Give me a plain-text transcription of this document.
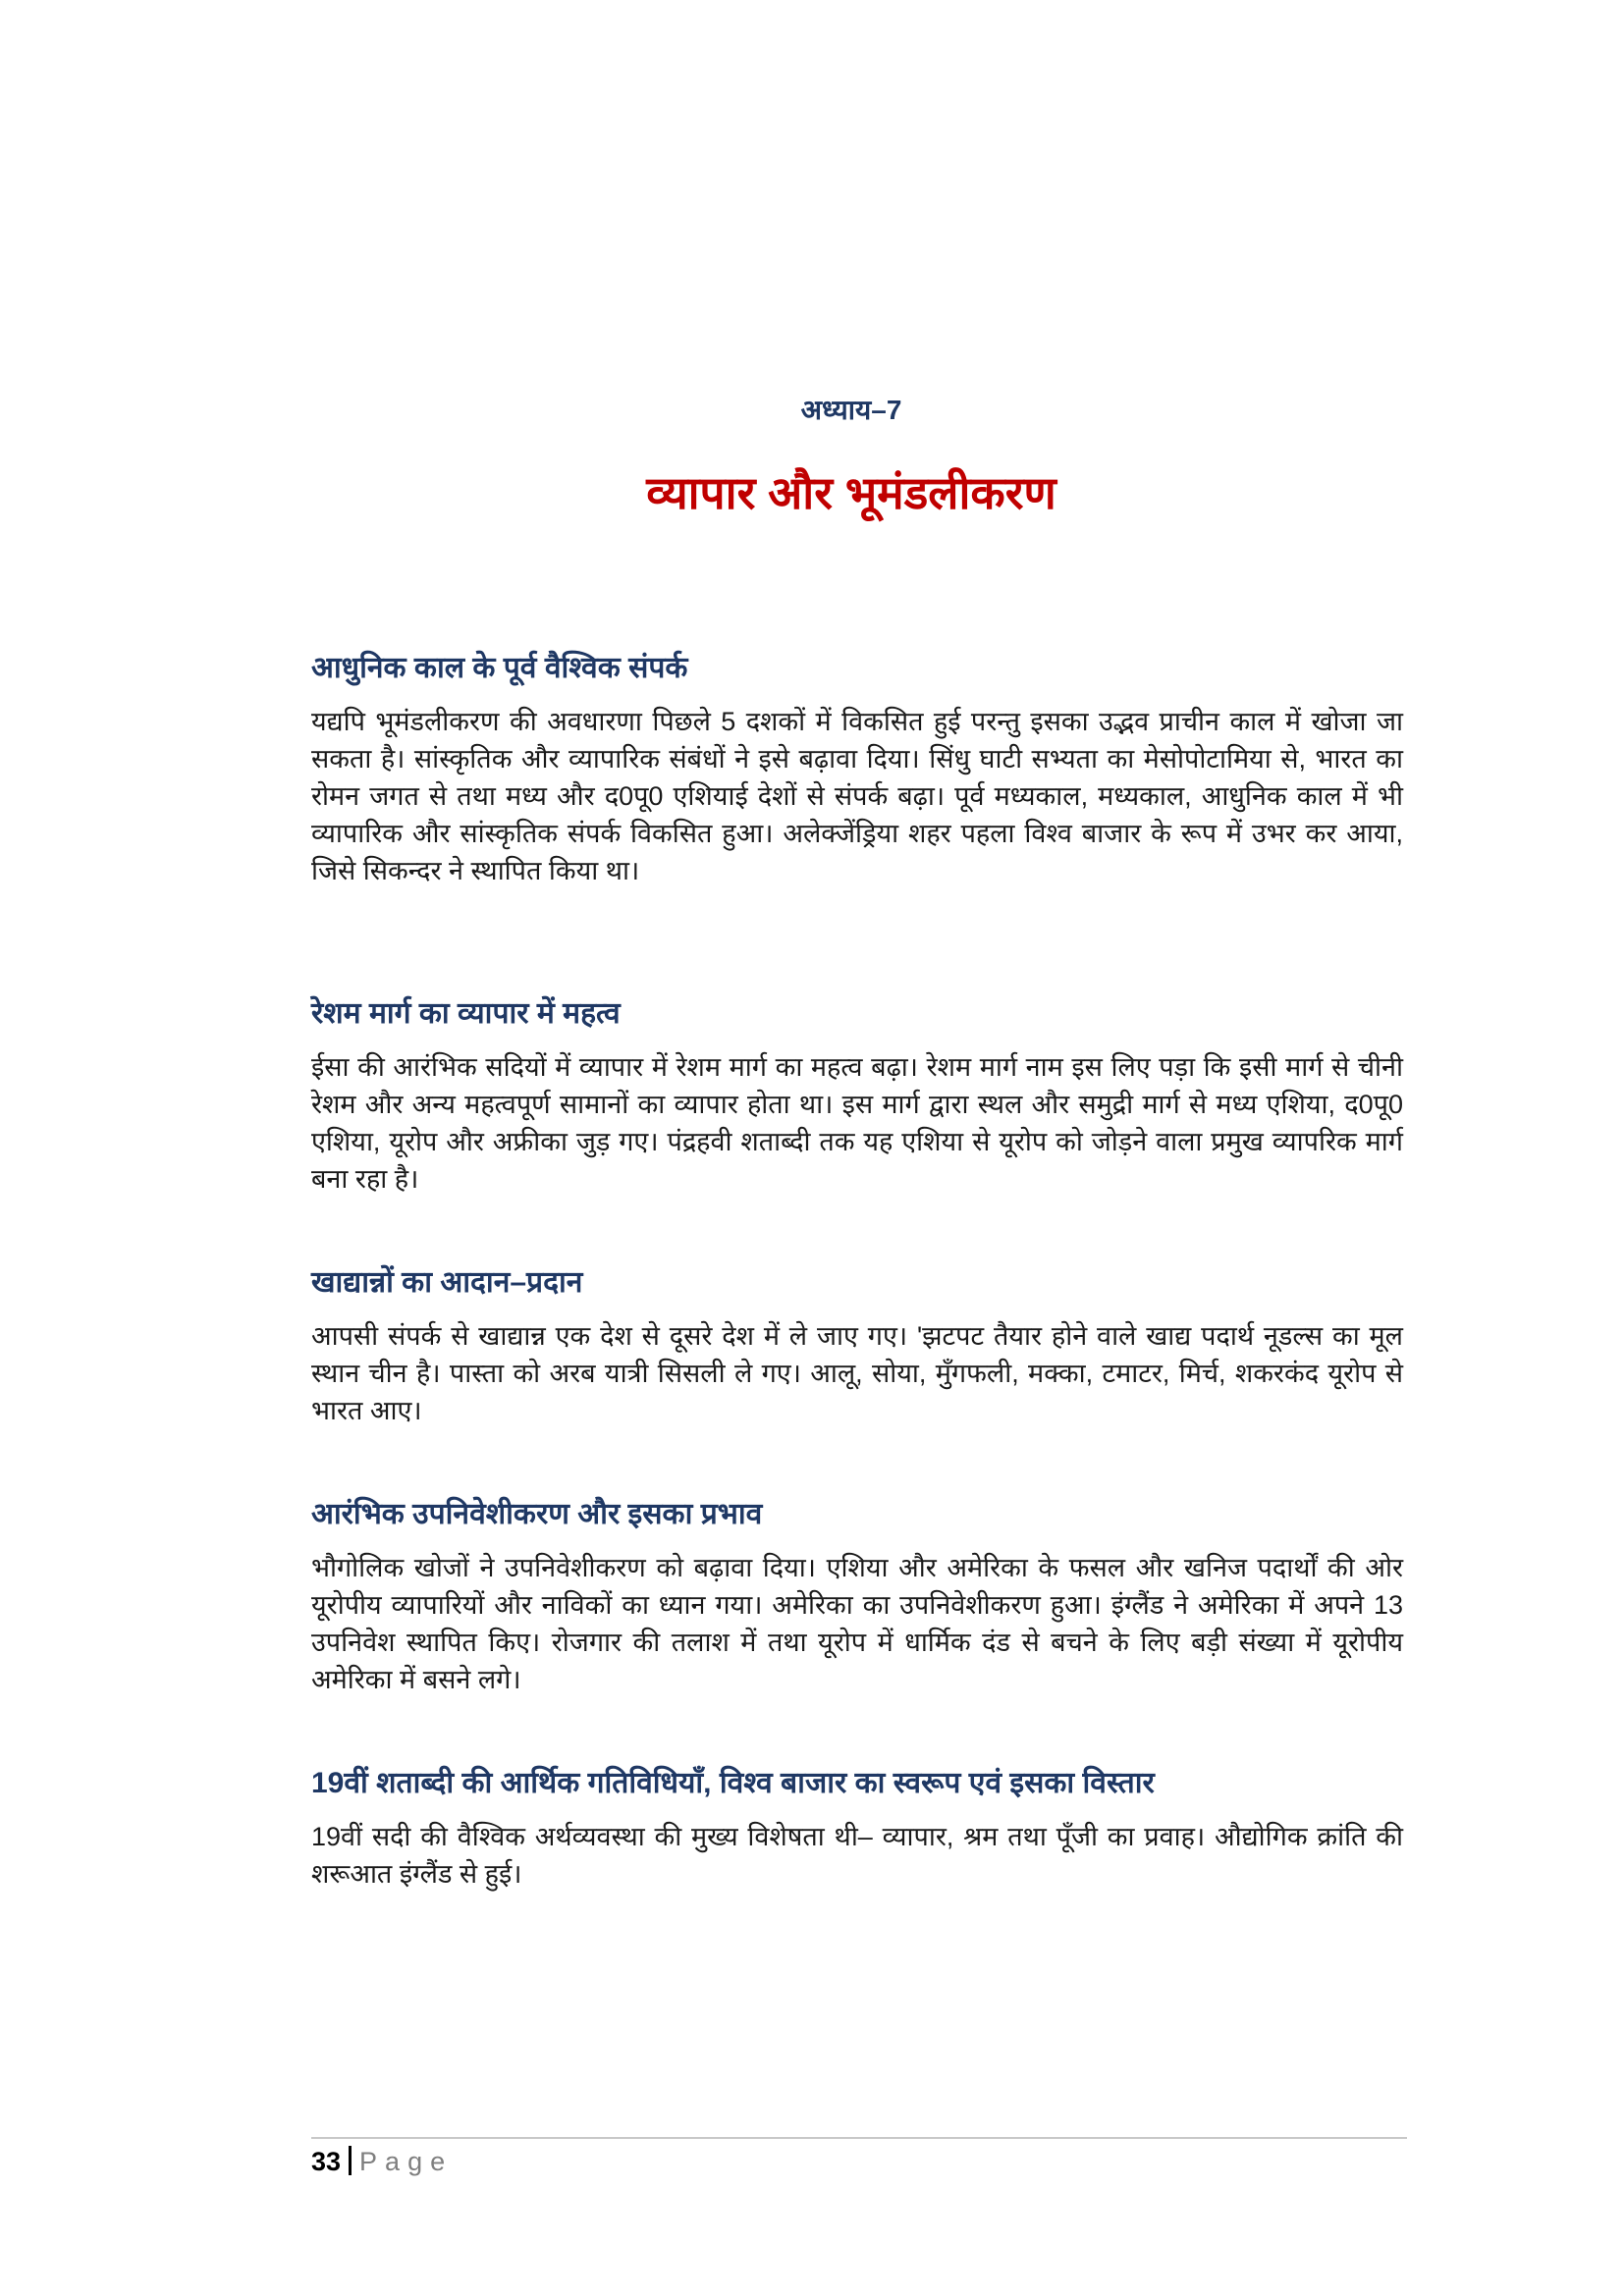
अध्याय–7
व्यापार और भूमंडलीकरण
आधुनिक काल के पूर्व वैश्विक संपर्क

यद्यपि भूमंडलीकरण की अवधारणा पिछले 5 दशकों में विकसित हुई परन्तु इसका उद्भव प्राचीन काल में खोजा जा सकता है। सांस्कृतिक और व्यापारिक संबंधों ने इसे बढ़ावा दिया। सिंधु घाटी सभ्यता का मेसोपोटामिया से, भारत का रोमन जगत से तथा मध्य और द0पू0 एशियाई देशों से संपर्क बढ़ा। पूर्व मध्यकाल, मध्यकाल, आधुनिक काल में भी व्यापारिक और सांस्कृतिक संपर्क विकसित हुआ। अलेक्जेंड्रिया शहर पहला विश्व बाजार के रूप में उभर कर आया, जिसे सिकन्दर ने स्थापित किया था।

रेशम मार्ग का व्यापार में महत्व

ईसा की आरंभिक सदियों में व्यापार में रेशम मार्ग का महत्व बढ़ा। रेशम मार्ग नाम इस लिए पड़ा कि इसी मार्ग से चीनी रेशम और अन्य महत्वपूर्ण सामानों का व्यापार होता था। इस मार्ग द्वारा स्थल और समुद्री मार्ग से मध्य एशिया, द0पू0 एशिया, यूरोप और अफ्रीका जुड़ गए। पंद्रहवी शताब्दी तक यह एशिया से यूरोप को जोड़ने वाला प्रमुख व्यापरिक मार्ग बना रहा है।

खाद्यान्नों का आदान–प्रदान

आपसी संपर्क से खाद्यान्न एक देश से दूसरे देश में ले जाए गए। 'झटपट तैयार होने वाले खाद्य पदार्थ नूडल्स का मूल स्थान चीन है। पास्ता को अरब यात्री सिसली ले गए। आलू, सोया, मुँगफली, मक्का, टमाटर, मिर्च, शकरकंद यूरोप से भारत आए।

आरंभिक उपनिवेशीकरण और इसका प्रभाव

भौगोलिक खोजों ने उपनिवेशीकरण को बढ़ावा दिया। एशिया और अमेरिका के फसल और खनिज पदार्थों की ओर यूरोपीय व्यापारियों और नाविकों का ध्यान गया। अमेरिका का उपनिवेशीकरण हुआ। इंग्लैंड ने अमेरिका में अपने 13 उपनिवेश स्थापित किए। रोजगार की तलाश में तथा यूरोप में धार्मिक दंड से बचने के लिए बड़ी संख्या में यूरोपीय अमेरिका में बसने लगे।

19वीं शताब्दी की आर्थिक गतिविधियाँ, विश्व बाजार का स्वरूप एवं इसका विस्तार

19वीं सदी की वैश्विक अर्थव्यवस्था की मुख्य विशेषता थी– व्यापार, श्रम तथा पूँजी का प्रवाह। औद्योगिक क्रांति की शरूआत इंग्लैंड से हुई।

33 Page
